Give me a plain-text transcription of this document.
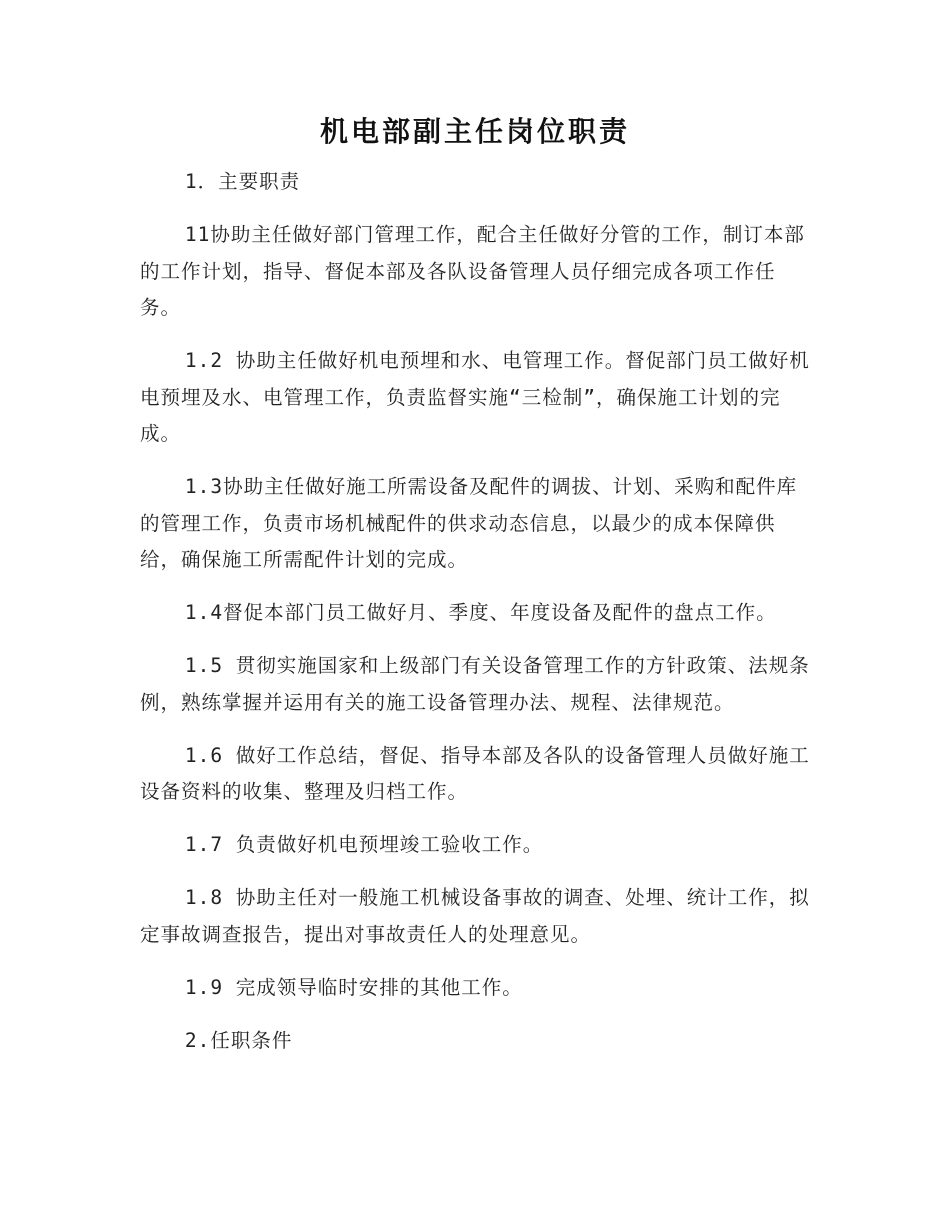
机电部副主任岗位职责

1．主要职责

11协助主任做好部门管理工作，配合主任做好分管的工作，制订本部的工作计划，指导、督促本部及各队设备管理人员仔细完成各项工作任务。

1.2 协助主任做好机电预埋和水、电管理工作。督促部门员工做好机电预埋及水、电管理工作，负责监督实施“三检制”，确保施工计划的完成。

1.3协助主任做好施工所需设备及配件的调拔、计划、采购和配件库的管理工作，负责市场机械配件的供求动态信息，以最少的成本保障供给，确保施工所需配件计划的完成。

1.4督促本部门员工做好月、季度、年度设备及配件的盘点工作。

1.5 贯彻实施国家和上级部门有关设备管理工作的方针政策、法规条例，熟练掌握并运用有关的施工设备管理办法、规程、法律规范。

1.6 做好工作总结，督促、指导本部及各队的设备管理人员做好施工设备资料的收集、整理及归档工作。

1.7 负责做好机电预埋竣工验收工作。

1.8 协助主任对一般施工机械设备事故的调查、处埋、统计工作，拟定事故调查报告，提出对事故责任人的处理意见。

1.9 完成领导临时安排的其他工作。

2.任职条件
